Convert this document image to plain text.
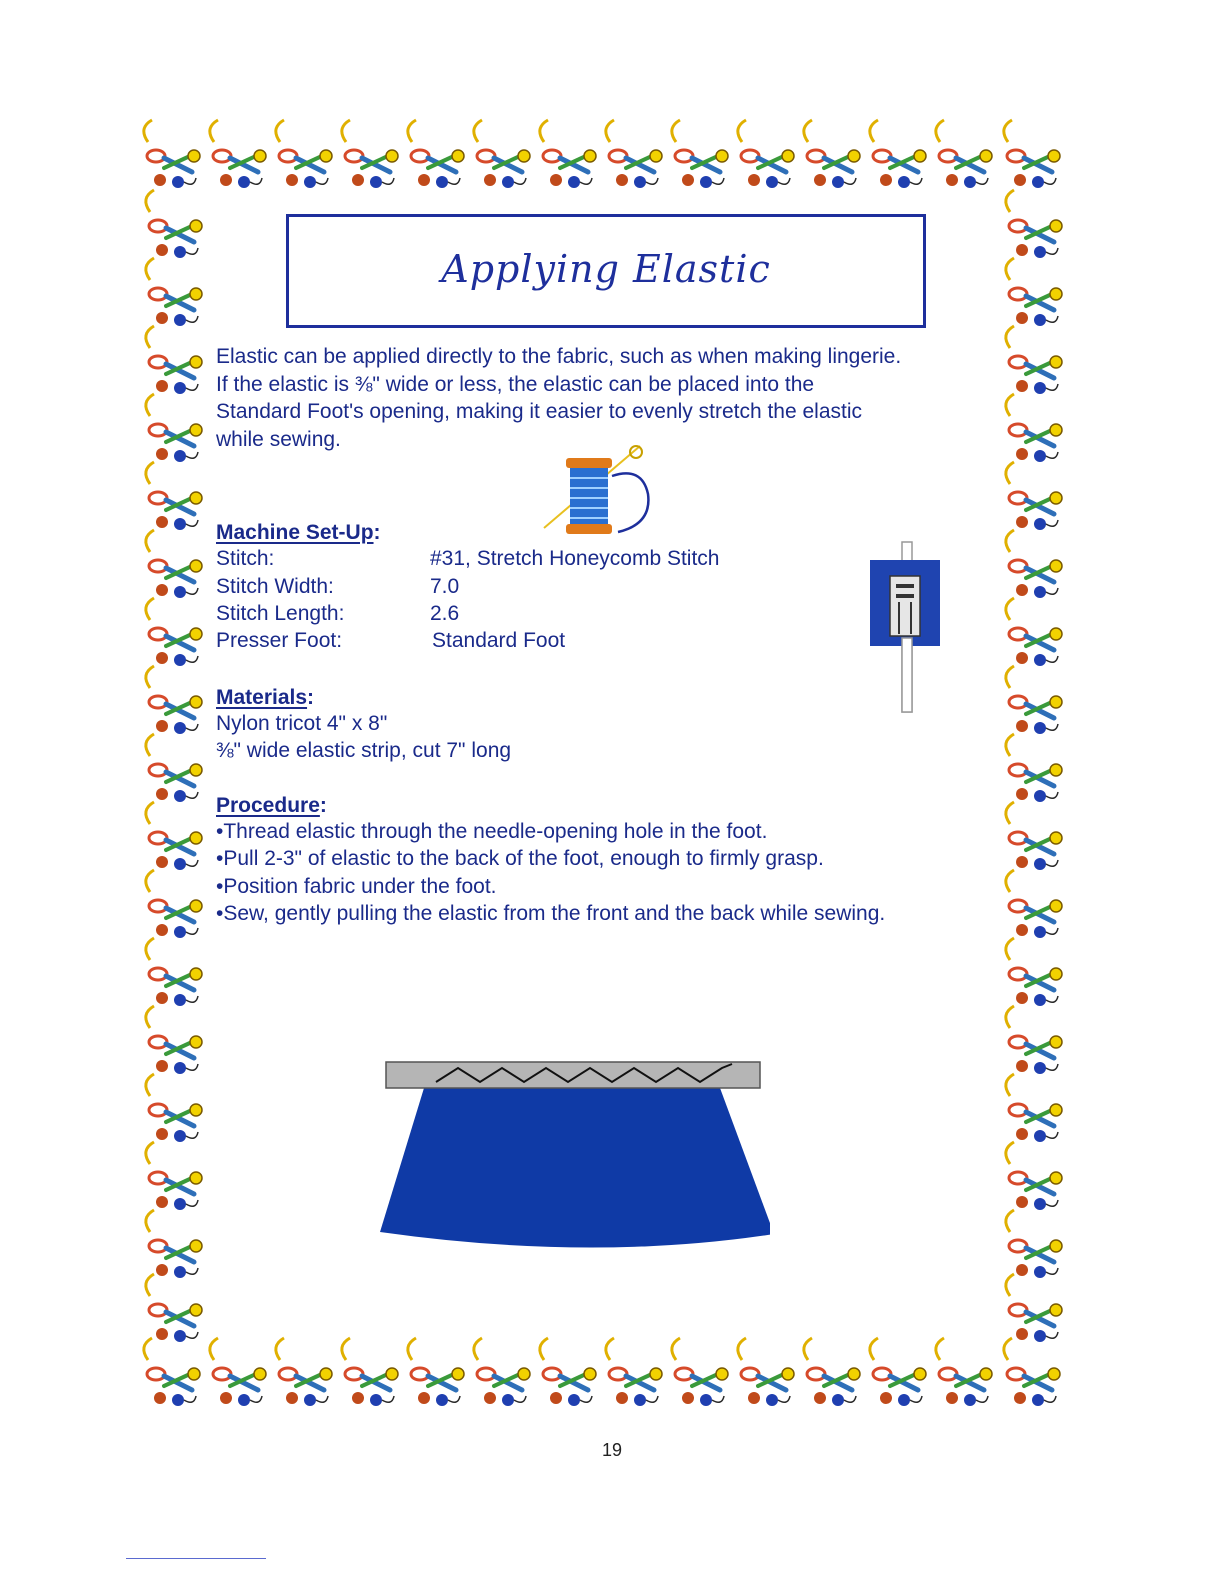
Applying Elastic

Elastic can be applied directly to the fabric, such as when making lingerie.

If the elastic is ⅜" wide or less, the elastic can be placed into the

Standard Foot's opening, making it easier to evenly stretch the elastic

while sewing.

Machine Set-Up:
Stitch:	#31, Stretch Honeycomb Stitch
Stitch Width:	7.0
Stitch Length:	2.6
Presser Foot:	Standard Foot
Materials:
Nylon tricot 4" x 8"
⅜" wide elastic strip, cut 7" long
Procedure:
•Thread elastic through the needle-opening hole in the foot.
•Pull 2-3" of elastic to the back of the foot, enough to firmly grasp.
•Position fabric under the foot.
•Sew, gently pulling the elastic from the front and the back while sewing.
19
